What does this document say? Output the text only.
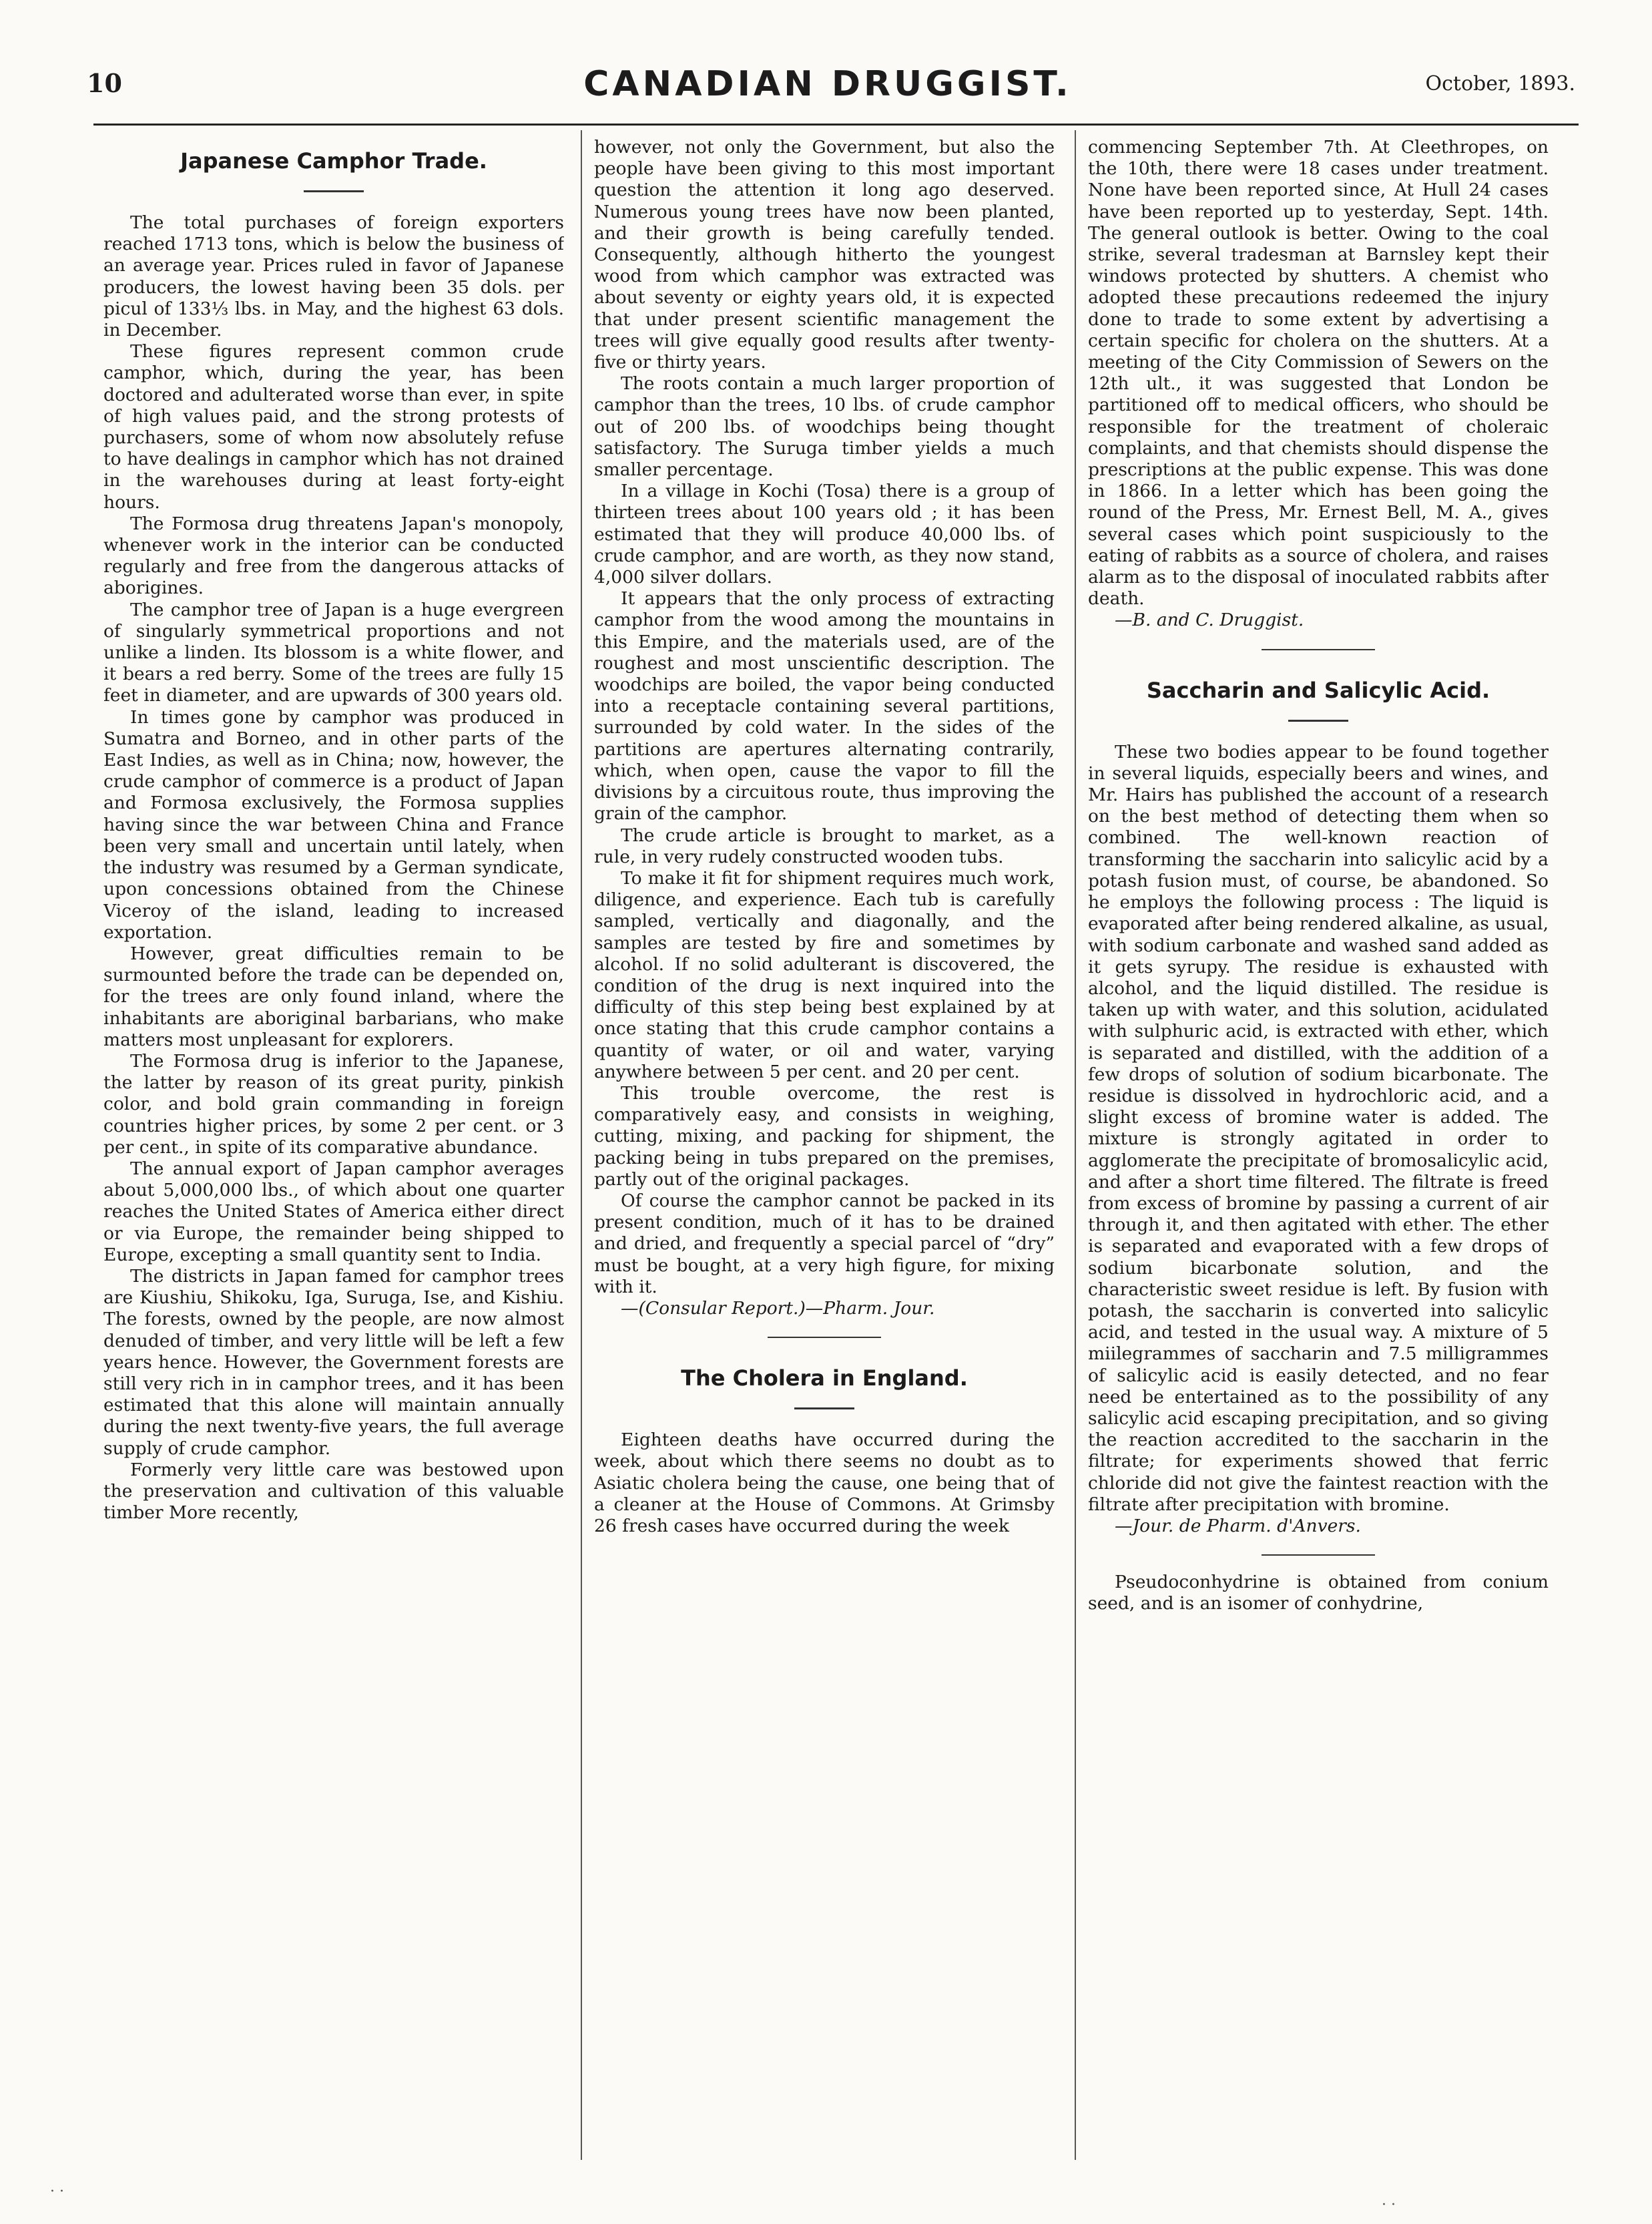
10	CANADIAN DRUGGIST.	October, 1893.
Japanese Camphor Trade.

The total purchases of foreign exporters reached 1713 tons, which is below the business of an average year. Prices ruled in favor of Japanese producers, the lowest having been 35 dols. per picul of 133⅓ lbs. in May, and the highest 63 dols. in December.

These figures represent common crude camphor, which, during the year, has been doctored and adulterated worse than ever, in spite of high values paid, and the strong protests of purchasers, some of whom now absolutely refuse to have dealings in camphor which has not drained in the warehouses during at least forty-eight hours.

The Formosa drug threatens Japan's monopoly, whenever work in the interior can be conducted regularly and free from the dangerous attacks of aborigines.

The camphor tree of Japan is a huge evergreen of singularly symmetrical proportions and not unlike a linden. Its blossom is a white flower, and it bears a red berry. Some of the trees are fully 15 feet in diameter, and are upwards of 300 years old.

In times gone by camphor was produced in Sumatra and Borneo, and in other parts of the East Indies, as well as in China; now, however, the crude camphor of commerce is a product of Japan and Formosa exclusively, the Formosa supplies having since the war between China and France been very small and uncertain until lately, when the industry was resumed by a German syndicate, upon concessions obtained from the Chinese Viceroy of the island, leading to increased exportation.

However, great difficulties remain to be surmounted before the trade can be depended on, for the trees are only found inland, where the inhabitants are aboriginal barbarians, who make matters most unpleasant for explorers.

The Formosa drug is inferior to the Japanese, the latter by reason of its great purity, pinkish color, and bold grain commanding in foreign countries higher prices, by some 2 per cent. or 3 per cent., in spite of its comparative abundance.

The annual export of Japan camphor averages about 5,000,000 lbs., of which about one quarter reaches the United States of America either direct or via Europe, the remainder being shipped to Europe, excepting a small quantity sent to India.

The districts in Japan famed for camphor trees are Kiushiu, Shikoku, Iga, Suruga, Ise, and Kishiu. The forests, owned by the people, are now almost denuded of timber, and very little will be left a few years hence. However, the Government forests are still very rich in in camphor trees, and it has been estimated that this alone will maintain annually during the next twenty-five years, the full average supply of crude camphor.

Formerly very little care was bestowed upon the preservation and cultivation of this valuable timber More recently,

however, not only the Government, but also the people have been giving to this most important question the attention it long ago deserved. Numerous young trees have now been planted, and their growth is being carefully tended. Consequently, although hitherto the youngest wood from which camphor was extracted was about seventy or eighty years old, it is expected that under present scientific management the trees will give equally good results after twenty-five or thirty years.

The roots contain a much larger proportion of camphor than the trees, 10 lbs. of crude camphor out of 200 lbs. of woodchips being thought satisfactory. The Suruga timber yields a much smaller percentage.

In a village in Kochi (Tosa) there is a group of thirteen trees about 100 years old ; it has been estimated that they will produce 40,000 lbs. of crude camphor, and are worth, as they now stand, 4,000 silver dollars.

It appears that the only process of extracting camphor from the wood among the mountains in this Empire, and the materials used, are of the roughest and most unscientific description. The woodchips are boiled, the vapor being conducted into a receptacle containing several partitions, surrounded by cold water. In the sides of the partitions are apertures alternating contrarily, which, when open, cause the vapor to fill the divisions by a circuitous route, thus improving the grain of the camphor.

The crude article is brought to market, as a rule, in very rudely constructed wooden tubs.

To make it fit for shipment requires much work, diligence, and experience. Each tub is carefully sampled, vertically and diagonally, and the samples are tested by fire and sometimes by alcohol. If no solid adulterant is discovered, the condition of the drug is next inquired into the difficulty of this step being best explained by at once stating that this crude camphor contains a quantity of water, or oil and water, varying anywhere between 5 per cent. and 20 per cent.

This trouble overcome, the rest is comparatively easy, and consists in weighing, cutting, mixing, and packing for shipment, the packing being in tubs prepared on the premises, partly out of the original packages.

Of course the camphor cannot be packed in its present condition, much of it has to be drained and dried, and frequently a special parcel of “dry” must be bought, at a very high figure, for mixing with it.

—(Consular Report.)—Pharm. Jour.

The Cholera in England.

Eighteen deaths have occurred during the week, about which there seems no doubt as to Asiatic cholera being the cause, one being that of a cleaner at the House of Commons. At Grimsby 26 fresh cases have occurred during the week

commencing September 7th. At Cleethropes, on the 10th, there were 18 cases under treatment. None have been reported since, At Hull 24 cases have been reported up to yesterday, Sept. 14th. The general outlook is better. Owing to the coal strike, several tradesman at Barnsley kept their windows protected by shutters. A chemist who adopted these precautions redeemed the injury done to trade to some extent by advertising a certain specific for cholera on the shutters. At a meeting of the City Commission of Sewers on the 12th ult., it was suggested that London be partitioned off to medical officers, who should be responsible for the treatment of choleraic complaints, and that chemists should dispense the prescriptions at the public expense. This was done in 1866. In a letter which has been going the round of the Press, Mr. Ernest Bell, M. A., gives several cases which point suspiciously to the eating of rabbits as a source of cholera, and raises alarm as to the disposal of inoculated rabbits after death.

—B. and C. Druggist.

Saccharin and Salicylic Acid.

These two bodies appear to be found together in several liquids, especially beers and wines, and Mr. Hairs has published the account of a research on the best method of detecting them when so combined. The well-known reaction of transforming the saccharin into salicylic acid by a potash fusion must, of course, be abandoned. So he employs the following process : The liquid is evaporated after being rendered alkaline, as usual, with sodium carbonate and washed sand added as it gets syrupy. The residue is exhausted with alcohol, and the liquid distilled. The residue is taken up with water, and this solution, acidulated with sulphuric acid, is extracted with ether, which is separated and distilled, with the addition of a few drops of solution of sodium bicarbonate. The residue is dissolved in hydrochloric acid, and a slight excess of bromine water is added. The mixture is strongly agitated in order to agglomerate the precipitate of bromosalicylic acid, and after a short time filtered. The filtrate is freed from excess of bromine by passing a current of air through it, and then agitated with ether. The ether is separated and evaporated with a few drops of sodium bicarbonate solution, and the characteristic sweet residue is left. By fusion with potash, the saccharin is converted into salicylic acid, and tested in the usual way. A mixture of 5 miilegrammes of saccharin and 7.5 milligrammes of salicylic acid is easily detected, and no fear need be entertained as to the possibility of any salicylic acid escaping precipitation, and so giving the reaction accredited to the saccharin in the filtrate; for experiments showed that ferric chloride did not give the faintest reaction with the filtrate after precipitation with bromine.

—Jour. de Pharm. d'Anvers.

Pseudoconhydrine is obtained from conium seed, and is an isomer of conhydrine,

· ·
· ·
